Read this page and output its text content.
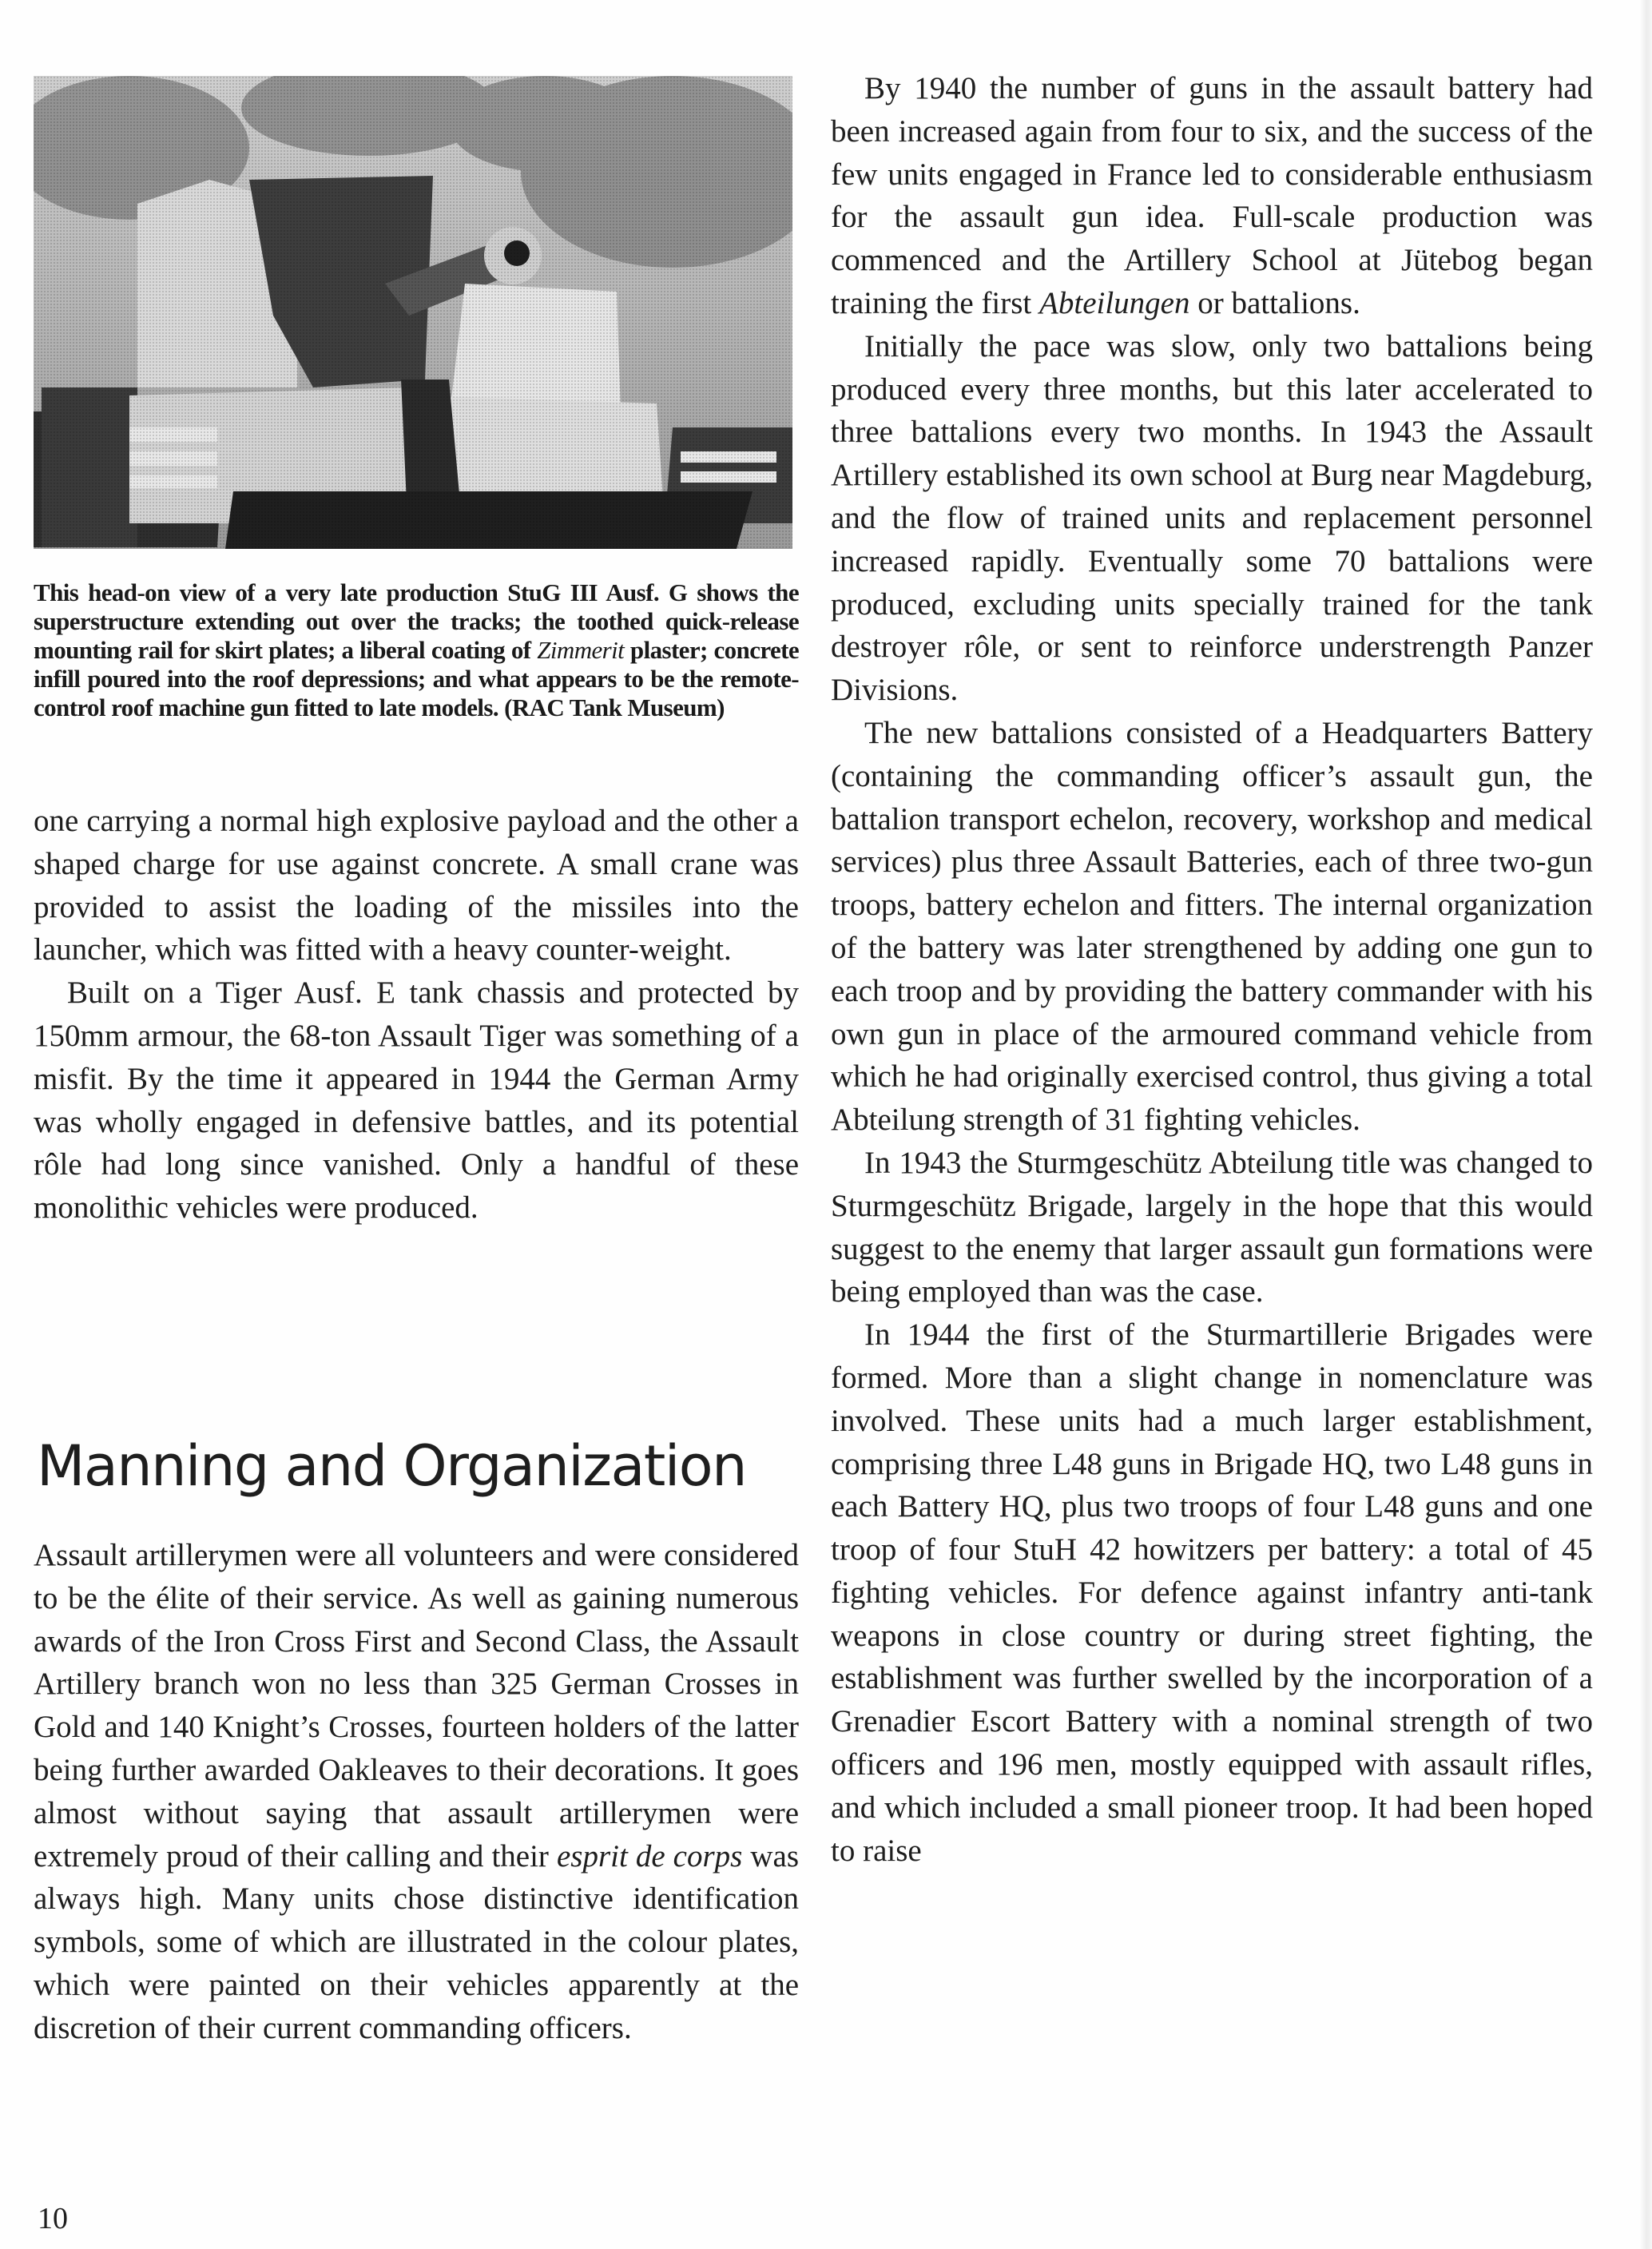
This head-on view of a very late production StuG III Ausf. G shows the superstructure extending out over the tracks; the toothed quick-release mounting rail for skirt plates; a liberal coating of Zimmerit plaster; concrete infill poured into the roof depressions; and what appears to be the remote-control roof machine gun fitted to late models. (RAC Tank Museum)

one carrying a normal high explosive payload and the other a shaped charge for use against concrete. A small crane was provided to assist the loading of the missiles into the launcher, which was fitted with a heavy counter-weight.

Built on a Tiger Ausf. E tank chassis and protected by 150mm armour, the 68-ton Assault Tiger was something of a misfit. By the time it appeared in 1944 the German Army was wholly engaged in defensive battles, and its potential rôle had long since vanished. Only a handful of these monolithic vehicles were produced.

Manning and Organization

Assault artillerymen were all volunteers and were considered to be the élite of their service. As well as gaining numerous awards of the Iron Cross First and Second Class, the Assault Artillery branch won no less than 325 German Crosses in Gold and 140 Knight’s Crosses, fourteen holders of the latter being further awarded Oakleaves to their decorations. It goes almost without saying that assault artillerymen were extremely proud of their calling and their esprit de corps was always high. Many units chose distinctive identification symbols, some of which are illustrated in the colour plates, which were painted on their vehicles apparently at the discretion of their current commanding officers.

By 1940 the number of guns in the assault battery had been increased again from four to six, and the success of the few units engaged in France led to considerable enthusiasm for the assault gun idea. Full-scale production was commenced and the Artillery School at Jütebog began training the first Abteilungen or battalions.

Initially the pace was slow, only two battalions being produced every three months, but this later accelerated to three battalions every two months. In 1943 the Assault Artillery established its own school at Burg near Magdeburg, and the flow of trained units and replacement personnel increased rapidly. Eventually some 70 battalions were produced, excluding units specially trained for the tank destroyer rôle, or sent to reinforce understrength Panzer Divisions.

The new battalions consisted of a Headquarters Battery (containing the commanding officer’s assault gun, the battalion transport echelon, recovery, workshop and medical services) plus three Assault Batteries, each of three two-gun troops, battery echelon and fitters. The internal organization of the battery was later strengthened by adding one gun to each troop and by providing the battery commander with his own gun in place of the armoured command vehicle from which he had originally exercised control, thus giving a total Abteilung strength of 31 fighting vehicles.

In 1943 the Sturmgeschütz Abteilung title was changed to Sturmgeschütz Brigade, largely in the hope that this would suggest to the enemy that larger assault gun formations were being employed than was the case.

In 1944 the first of the Sturmartillerie Brigades were formed. More than a slight change in nomenclature was involved. These units had a much larger establishment, comprising three L48 guns in Brigade HQ, two L48 guns in each Battery HQ, plus two troops of four L48 guns and one troop of four StuH 42 howitzers per battery: a total of 45 fighting vehicles. For defence against infantry anti-tank weapons in close country or during street fighting, the establishment was further swelled by the incorporation of a Grenadier Escort Battery with a nominal strength of two officers and 196 men, mostly equipped with assault rifles, and which included a small pioneer troop. It had been hoped to raise

10
